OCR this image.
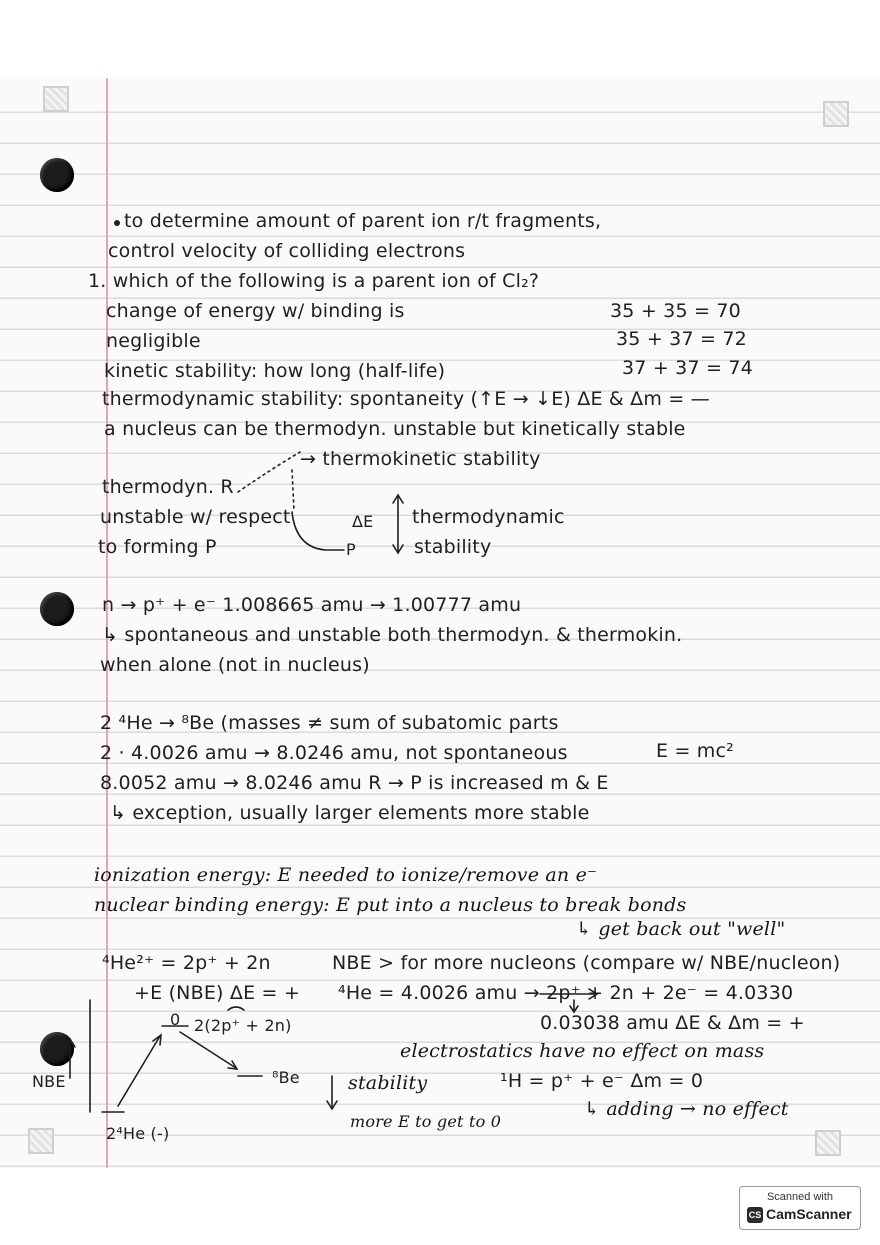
to determine amount of parent ion r/t fragments,
control velocity of colliding electrons
1. which of the following is a parent ion of Cl₂?
change of energy w/ binding is	35 + 35 = 70
negligible	35 + 37 = 72
kinetic stability: how long (half-life)	37 + 37 = 74
thermodynamic stability: spontaneity (↑E → ↓E) ΔE & Δm = —
a nucleus can be thermodyn. unstable but kinetically stable
→ thermokinetic stability
thermodyn. R
unstable w/ respect
to forming P
ΔE
P
thermodynamic
stability
n → p⁺ + e⁻ 1.008665 amu → 1.00777 amu
↳ spontaneous and unstable both thermodyn. & thermokin.
when alone (not in nucleus)
2 ⁴He → ⁸Be (masses ≠ sum of subatomic parts
2 · 4.0026 amu → 8.0246 amu, not spontaneous	E = mc²
8.0052 amu → 8.0246 amu R → P is increased m & E
↳ exception, usually larger elements more stable
ionization energy: E needed to ionize/remove an e⁻
nuclear binding energy: E put into a nucleus to break bonds
↳ get back out "well"
⁴He²⁺ = 2p⁺ + 2n	NBE > for more nucleons (compare w/ NBE/nucleon)
+E (NBE) ΔE = + ⁴He = 4.0026 amu → 2p⁺ + 2n + 2e⁻ = 4.0330
0 2(2p⁺ + 2n)	0.03038 amu ΔE & Δm = +
electrostatics have no effect on mass
⁸Be	stability	¹H = p⁺ + e⁻ Δm = 0
NBE
↳ adding → no effect
2⁴He (-)
more E to get to 0
Scanned with
CS CamScanner
